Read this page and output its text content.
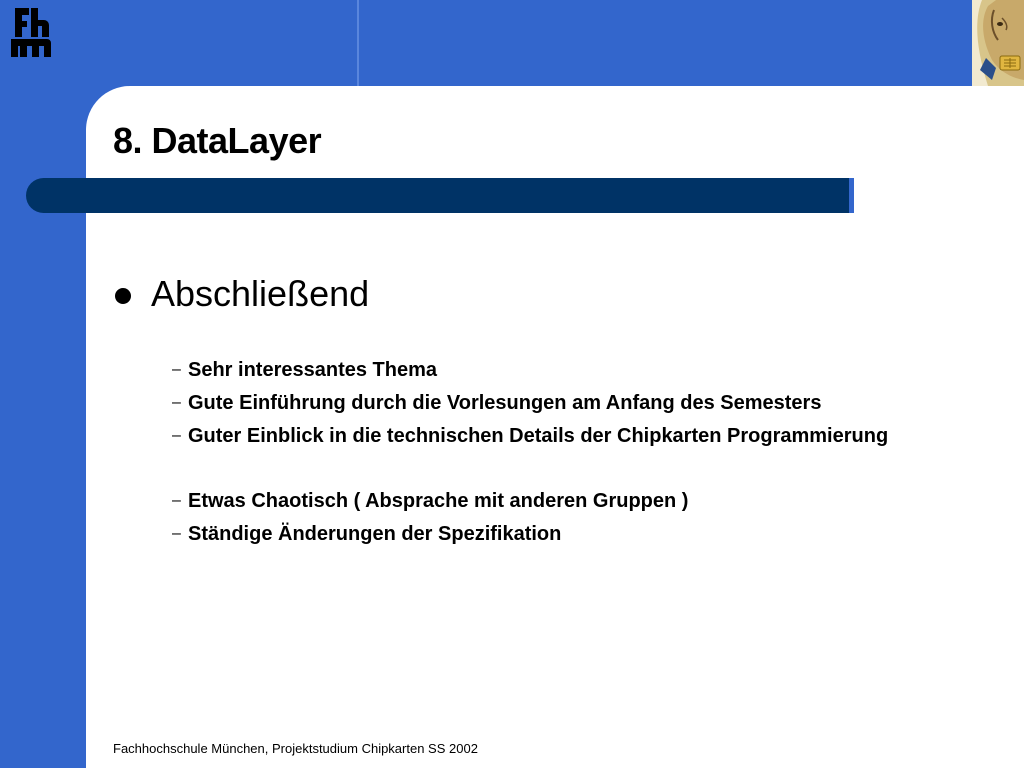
8. DataLayer

Abschließend

– Sehr interessantes Thema
– Gute Einführung durch die Vorlesungen am Anfang des Semesters
– Guter Einblick in die technischen Details der Chipkarten Programmierung
– Etwas Chaotisch ( Absprache mit anderen Gruppen )
– Ständige Änderungen der Spezifikation
Fachhochschule München, Projektstudium Chipkarten SS 2002
